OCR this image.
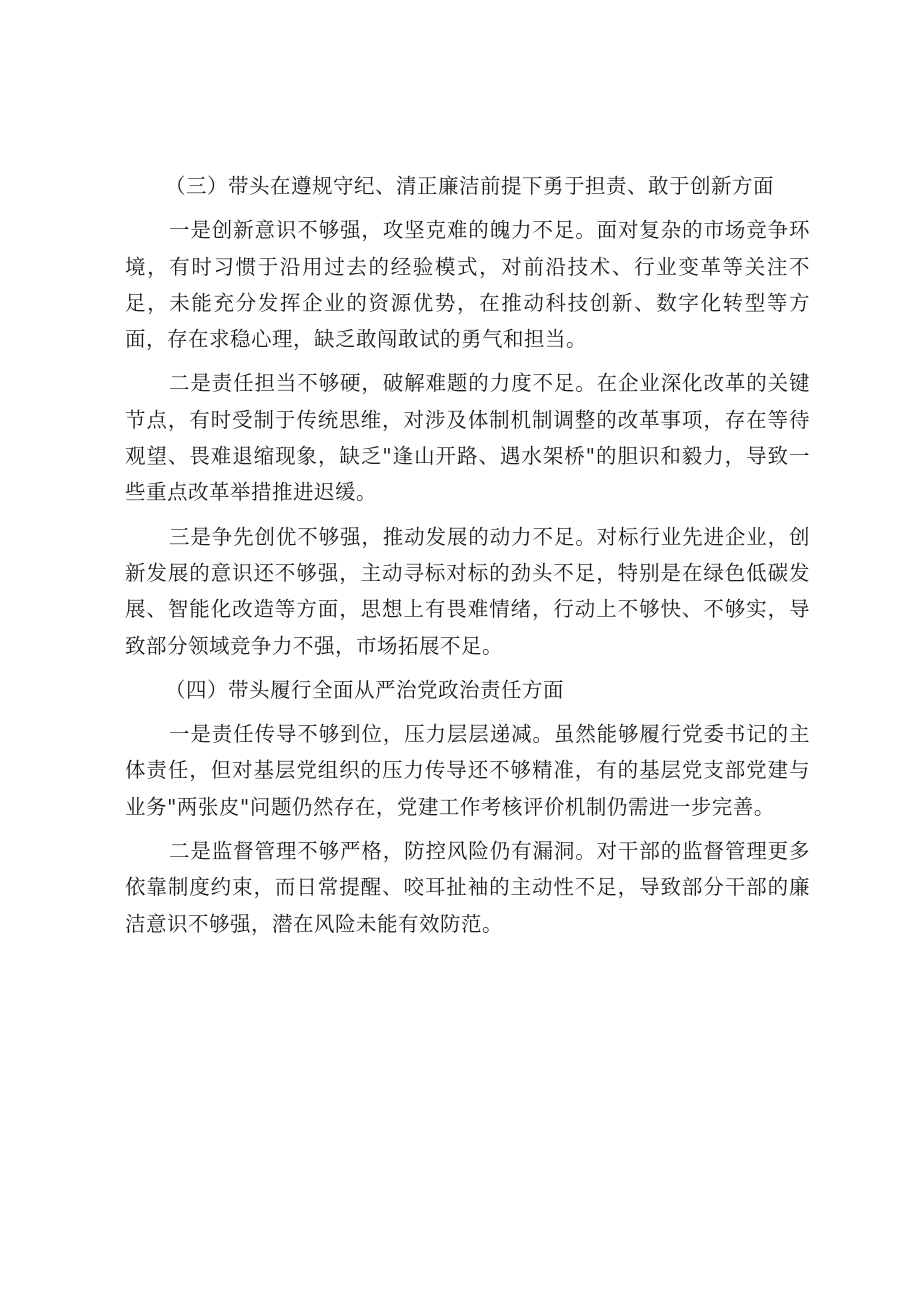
（三）带头在遵规守纪、清正廉洁前提下勇于担责、敢于创新方面

一是创新意识不够强，攻坚克难的魄力不足。面对复杂的市场竞争环境，有时习惯于沿用过去的经验模式，对前沿技术、行业变革等关注不足，未能充分发挥企业的资源优势，在推动科技创新、数字化转型等方面，存在求稳心理，缺乏敢闯敢试的勇气和担当。

二是责任担当不够硬，破解难题的力度不足。在企业深化改革的关键节点，有时受制于传统思维，对涉及体制机制调整的改革事项，存在等待观望、畏难退缩现象，缺乏"逢山开路、遇水架桥"的胆识和毅力，导致一些重点改革举措推进迟缓。

三是争先创优不够强，推动发展的动力不足。对标行业先进企业，创新发展的意识还不够强，主动寻标对标的劲头不足，特别是在绿色低碳发展、智能化改造等方面，思想上有畏难情绪，行动上不够快、不够实，导致部分领域竞争力不强，市场拓展不足。

（四）带头履行全面从严治党政治责任方面

一是责任传导不够到位，压力层层递减。虽然能够履行党委书记的主体责任，但对基层党组织的压力传导还不够精准，有的基层党支部党建与业务"两张皮"问题仍然存在，党建工作考核评价机制仍需进一步完善。

二是监督管理不够严格，防控风险仍有漏洞。对干部的监督管理更多依靠制度约束，而日常提醒、咬耳扯袖的主动性不足，导致部分干部的廉洁意识不够强，潜在风险未能有效防范。
